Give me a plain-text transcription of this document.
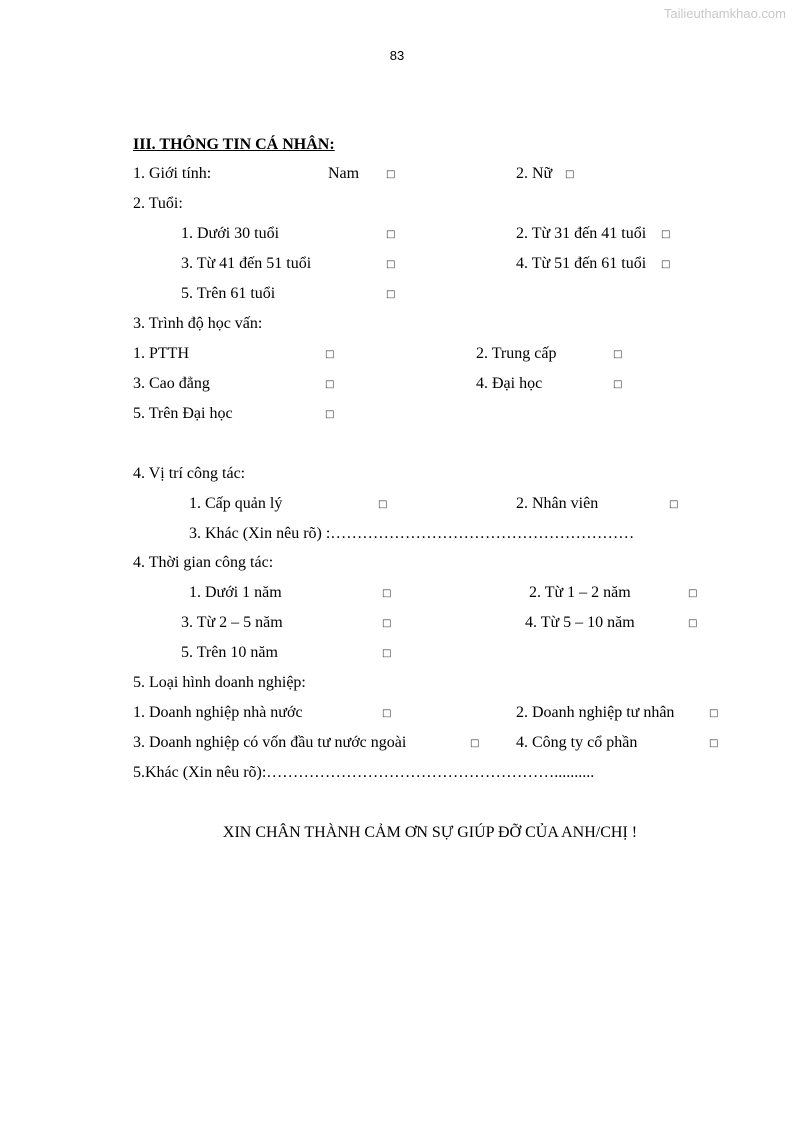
Tailieuthamkhao.com
83
III. THÔNG TIN CÁ NHÂN:
1. Giới tính:	Nam	□	2. Nữ □
2. Tuổi:
1. Dưới 30 tuổi	□	2. Từ 31 đến 41 tuổi □
3. Từ 41 đến 51 tuổi	□	4. Từ 51 đến 61 tuổi □
5. Trên 61 tuổi	□
3. Trình độ học vấn:
1. PTTH	□	2. Trung cấp	□
3. Cao đẳng	□	4. Đại học	□
5. Trên Đại học	□
4. Vị trí công tác:
1. Cấp quản lý	□	2. Nhân viên	□
3. Khác (Xin nêu rõ) :…………………………………………………
4. Thời gian công tác:
1. Dưới 1 năm	□	2. Từ 1 – 2 năm	□
3. Từ 2 – 5 năm	□	4. Từ 5 – 10 năm	□
5. Trên 10 năm	□
5. Loại hình doanh nghiệp:
1. Doanh nghiệp nhà nước	□	2. Doanh nghiệp tư nhân	□
3. Doanh nghiệp có vốn đầu tư nước ngoài	□ 4. Công ty cổ phần	□
5.Khác (Xin nêu rõ):………………………………………………..........
XIN CHÂN THÀNH CẢM ƠN SỰ GIÚP ĐỠ CỦA ANH/CHỊ !
